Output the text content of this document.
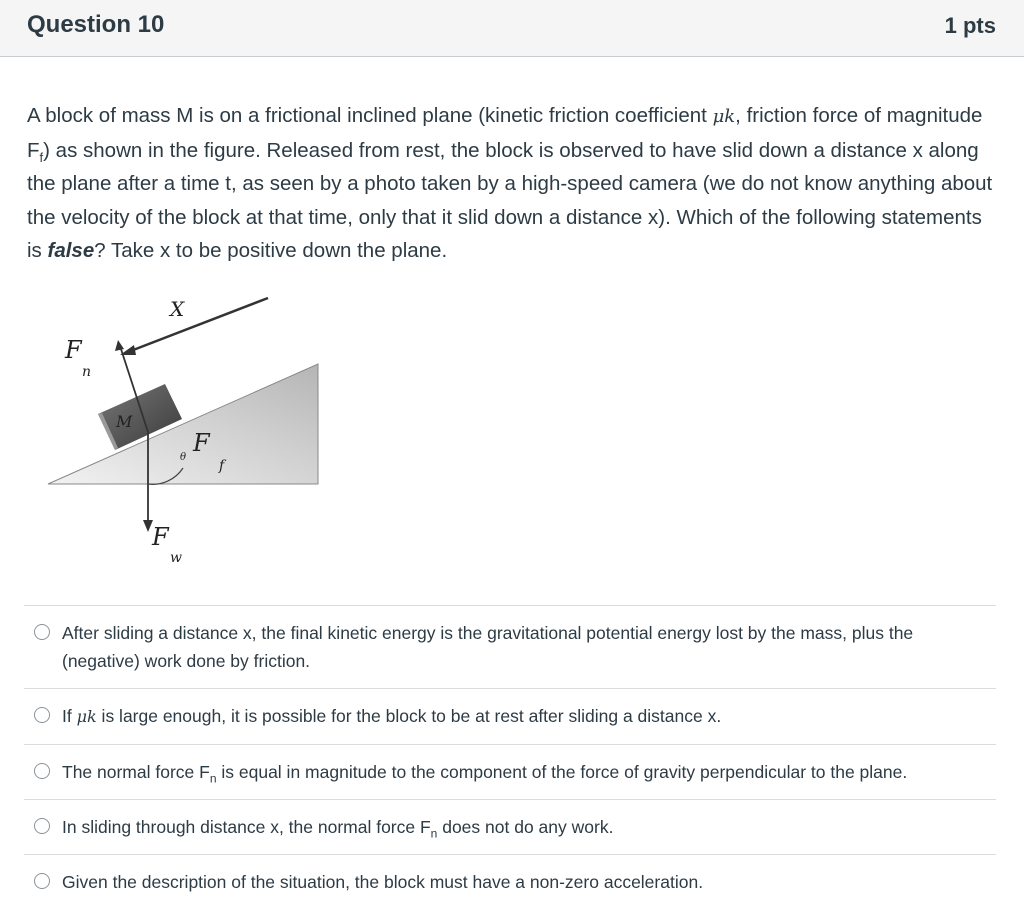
Question 10	1 pts
A block of mass M is on a frictional inclined plane (kinetic friction coefficient μk, friction force of magnitude $F_f$) as shown in the figure. Released from rest, the block is observed to have slid down a distance x along the plane after a time t, as seen by a photo taken by a high-speed camera (we do not know anything about the velocity of the block at that time, only that it slid down a distance x). Which of the following statements is false? Take x to be positive down the plane.
M
X
F
n
F
w
θ
F
f
After sliding a distance x, the final kinetic energy is the gravitational potential energy lost by the mass, plus the (negative) work done by friction.
If μk is large enough, it is possible for the block to be at rest after sliding a distance x.
The normal force $F_n$ is equal in magnitude to the component of the force of gravity perpendicular to the plane.
In sliding through distance x, the normal force $F_n$ does not do any work.
Given the description of the situation, the block must have a non-zero acceleration.
